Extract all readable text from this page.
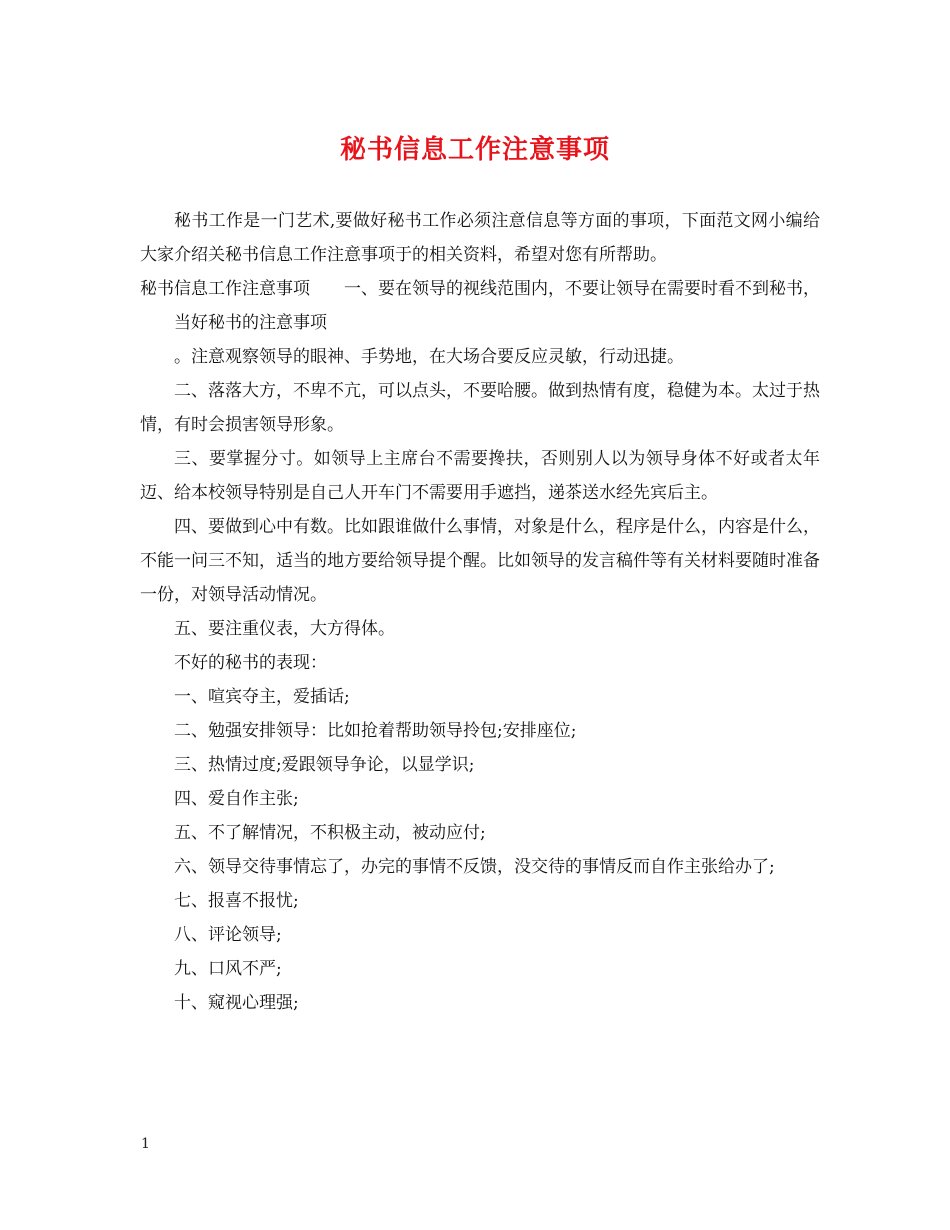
秘书信息工作注意事项

秘书工作是一门艺术,要做好秘书工作必须注意信息等方面的事项，下面范文网小编给大家介绍关秘书信息工作注意事项于的相关资料，希望对您有所帮助。

秘书信息工作注意事项 一、要在领导的视线范围内，不要让领导在需要时看不到秘书，

当好秘书的注意事项

。注意观察领导的眼神、手势地，在大场合要反应灵敏，行动迅捷。

二、落落大方，不卑不亢，可以点头，不要哈腰。做到热情有度，稳健为本。太过于热情，有时会损害领导形象。

三、要掌握分寸。如领导上主席台不需要搀扶，否则别人以为领导身体不好或者太年迈、给本校领导特别是自己人开车门不需要用手遮挡，递茶送水经先宾后主。

四、要做到心中有数。比如跟谁做什么事情，对象是什么，程序是什么，内容是什么，不能一问三不知，适当的地方要给领导提个醒。比如领导的发言稿件等有关材料要随时准备一份，对领导活动情况。

五、要注重仪表，大方得体。

不好的秘书的表现：

一、喧宾夺主，爱插话;

二、勉强安排领导：比如抢着帮助领导拎包;安排座位;

三、热情过度;爱跟领导争论，以显学识;

四、爱自作主张;

五、不了解情况，不积极主动，被动应付;

六、领导交待事情忘了，办完的事情不反馈，没交待的事情反而自作主张给办了;

七、报喜不报忧;

八、评论领导;

九、口风不严;

十、窥视心理强;

1
